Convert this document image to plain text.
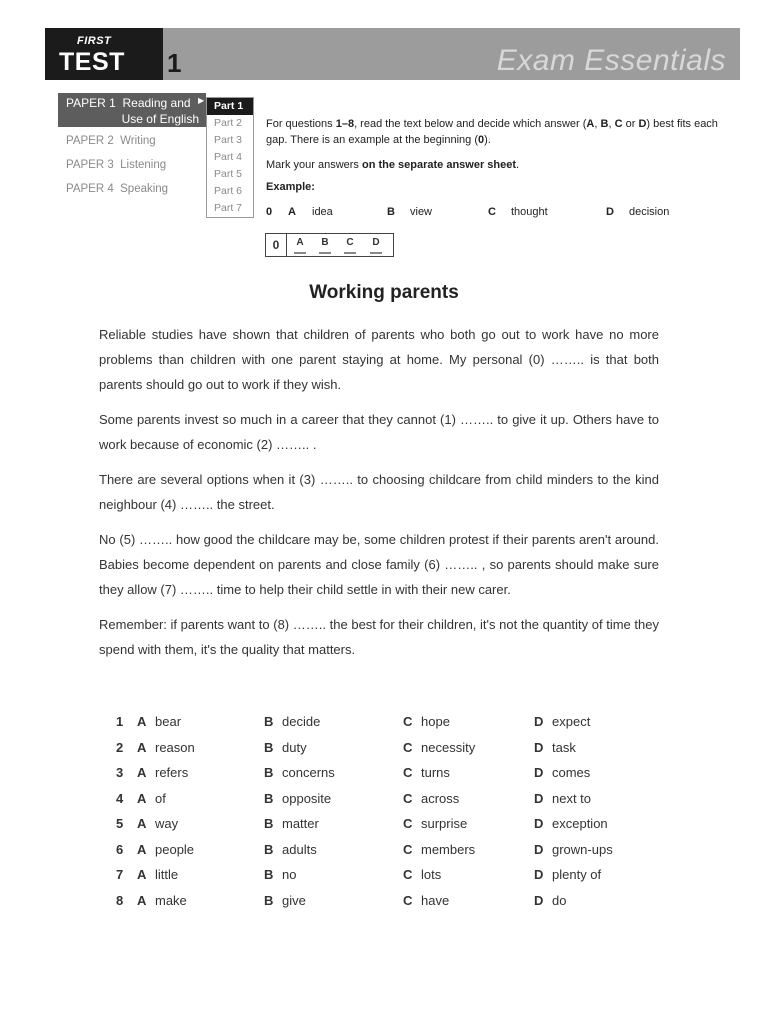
FIRST
TEST 1	Exam Essentials
PAPER 1 Reading and
Use of English
▶
PAPER 2 Writing
PAPER 3 Listening
PAPER 4 Speaking
Part 1
Part 2
Part 3
Part 4
Part 5
Part 6
Part 7

For questions 1–8, read the text below and decide which answer (A, B, C or D) best fits each gap. There is an example at the beginning (0).

Mark your answers on the separate answer sheet.

Example:
0 A idea	B view	C thought	D decision
0	A	B	C	D
Working parents

Reliable studies have shown that children of parents who both go out to work have no more problems than children with one parent staying at home. My personal (0) …….. is that both parents should go out to work if they wish.

Some parents invest so much in a career that they cannot (1) …….. to give it up. Others have to work because of economic (2) …….. .

There are several options when it (3) …….. to choosing childcare from child minders to the kind neighbour (4) …….. the street.

No (5) …….. how good the childcare may be, some children protest if their parents aren't around. Babies become dependent on parents and close family (6) …….. , so parents should make sure they allow (7) …….. time to help their child settle in with their new carer.

Remember: if parents want to (8) …….. the best for their children, it's not the quantity of time they spend with them, it's the quality that matters.

1 A bear	B decide	C hope	D expect
2 A reason	B duty	C necessity	D task
3 A refers	B concerns	C turns	D comes
4 A of	B opposite	C across	D next to
5 A way	B matter	C surprise	D exception
6 A people	B adults	C members	D grown-ups
7 A little	B no	C lots	D plenty of
8 A make	B give	C have	D do
